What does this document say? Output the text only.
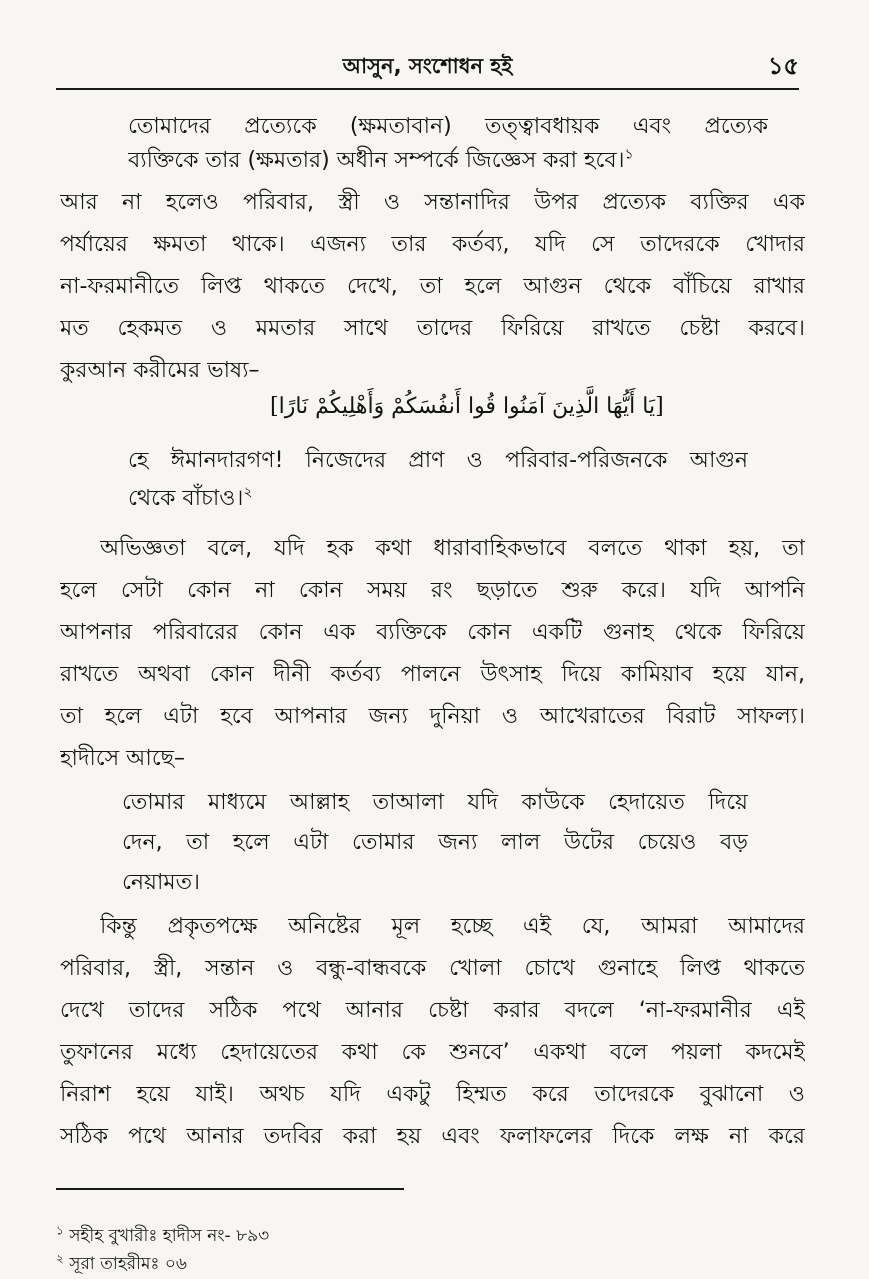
আসুন, সংশোধন হই	১৫
তোমাদের প্রত্যেকে (ক্ষমতাবান) তত্ত্বাবধায়ক এবং প্রত্যেক
ব্যক্তিকে তার (ক্ষমতার) অধীন সম্পর্কে জিজ্ঞেস করা হবে।$^১$
আর না হলেও পরিবার, স্ত্রী ও সন্তানাদির উপর প্রত্যেক ব্যক্তির এক
পর্যায়ের ক্ষমতা থাকে। এজন্য তার কর্তব্য, যদি সে তাদেরকে খোদার
না-ফরমানীতে লিপ্ত থাকতে দেখে, তা হলে আগুন থেকে বাঁচিয়ে রাখার
মত হেকমত ও মমতার সাথে তাদের ফিরিয়ে রাখতে চেষ্টা করবে।
কুরআন করীমের ভাষ্য–
[يَا أَيُّهَا الَّذِينَ آمَنُوا قُوا أَنفُسَكُمْ وَأَهْلِيكُمْ نَارًا]
হে ঈমানদারগণ! নিজেদের প্রাণ ও পরিবার-পরিজনকে আগুন
থেকে বাঁচাও।$^২$
অভিজ্ঞতা বলে, যদি হক কথা ধারাবাহিকভাবে বলতে থাকা হয়, তা
হলে সেটা কোন না কোন সময় রং ছড়াতে শুরু করে। যদি আপনি
আপনার পরিবারের কোন এক ব্যক্তিকে কোন একটি গুনাহ থেকে ফিরিয়ে
রাখতে অথবা কোন দীনী কর্তব্য পালনে উৎসাহ দিয়ে কামিয়াব হয়ে যান,
তা হলে এটা হবে আপনার জন্য দুনিয়া ও আখেরাতের বিরাট সাফল্য।
হাদীসে আছে–
তোমার মাধ্যমে আল্লাহ তাআলা যদি কাউকে হেদায়েত দিয়ে
দেন, তা হলে এটা তোমার জন্য লাল উটের চেয়েও বড়
নেয়ামত।
কিন্তু প্রকৃতপক্ষে অনিষ্টের মূল হচ্ছে এই যে, আমরা আমাদের
পরিবার, স্ত্রী, সন্তান ও বন্ধু-বান্ধবকে খোলা চোখে গুনাহে লিপ্ত থাকতে
দেখে তাদের সঠিক পথে আনার চেষ্টা করার বদলে ‘না-ফরমানীর এই
তুফানের মধ্যে হেদায়েতের কথা কে শুনবে’ একথা বলে পয়লা কদমেই
নিরাশ হয়ে যাই। অথচ যদি একটু হিম্মত করে তাদেরকে বুঝানো ও
সঠিক পথে আনার তদবির করা হয় এবং ফলাফলের দিকে লক্ষ না করে
$^১$ সহীহ বুখারীঃ হাদীস নং- ৮৯৩
$^২$ সূরা তাহরীমঃ ০৬
